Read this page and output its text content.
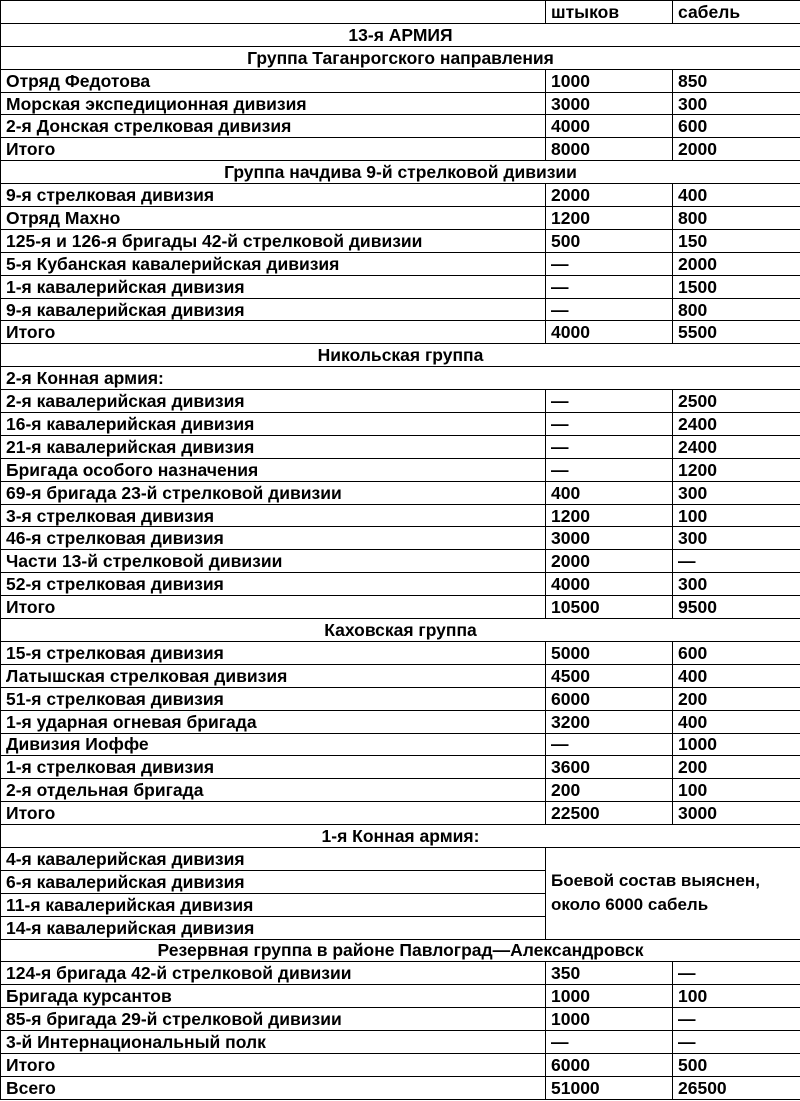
	штыков	сабель
13-я АРМИЯ		
Группа Таганрогского направления		
Отряд Федотова	1000	850
Морская экспедиционная дивизия	3000	300
2-я Донская стрелковая дивизия	4000	600
Итого	8000	2000
Группа начдива 9-й стрелковой дивизии		
9-я стрелковая дивизия	2000	400
Отряд Махно	1200	800
125-я и 126-я бригады 42-й стрелковой дивизии	500	150
5-я Кубанская кавалерийская дивизия	—	2000
1-я кавалерийская дивизия	—	1500
9-я кавалерийская дивизия	—	800
Итого	4000	5500
Никольская группа		
2-я Конная армия:		
2-я кавалерийская дивизия	—	2500
16-я кавалерийская дивизия	—	2400
21-я кавалерийская дивизия	—	2400
Бригада особого назначения	—	1200
69-я бригада 23-й стрелковой дивизии	400	300
3-я стрелковая дивизия	1200	100
46-я стрелковая дивизия	3000	300
Части 13-й стрелковой дивизии	2000	—
52-я стрелковая дивизия	4000	300
Итого	10500	9500
Каховская группа		
15-я стрелковая дивизия	5000	600
Латышская стрелковая дивизия	4500	400
51-я стрелковая дивизия	6000	200
1-я ударная огневая бригада	3200	400
Дивизия Иоффе	—	1000
1-я стрелковая дивизия	3600	200
2-я отдельная бригада	200	100
Итого	22500	3000
1-я Конная армия:		
4-я кавалерийская дивизия	Боевой состав выяснен, около 6000 сабель	
6-я кавалерийская дивизия		
11-я кавалерийская дивизия		
14-я кавалерийская дивизия		
Резервная группа в районе Павлоград—Александровск		
124-я бригада 42-й стрелковой дивизии	350	—
Бригада курсантов	1000	100
85-я бригада 29-й стрелковой дивизии	1000	—
3-й Интернациональный полк	—	—
Итого	6000	500
Всего	51000	26500
